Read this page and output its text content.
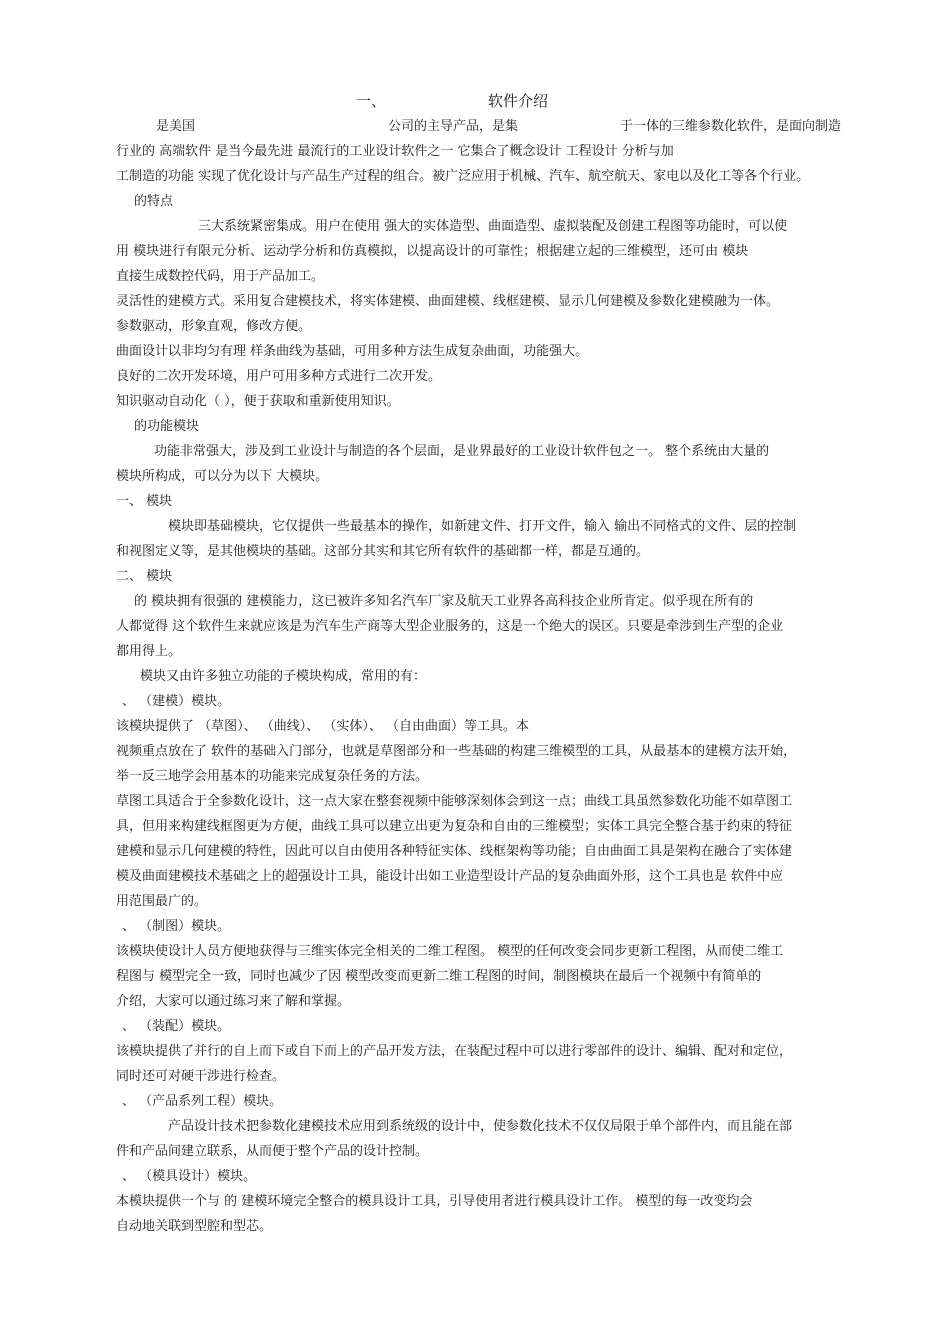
一、	软件介绍
是美国	公司的主导产品，是集	于一体的三维参数化软件，是面向制造
行业的 高端软件 是当今最先进 最流行的工业设计软件之一 它集合了概念设计 工程设计 分析与加
工制造的功能 实现了优化设计与产品生产过程的组合。被广泛应用于机械、汽车、航空航天、家电以及化工等各个行业。
的特点
三大系统紧密集成。用户在使用 强大的实体造型、曲面造型、虚拟装配及创建工程图等功能时，可以使
用 模块进行有限元分析、运动学分析和仿真模拟，以提高设计的可靠性；根据建立起的三维模型，还可由 模块
直接生成数控代码，用于产品加工。
灵活性的建模方式。采用复合建模技术，将实体建模、曲面建模、线框建模、显示几何建模及参数化建模融为一体。
参数驱动，形象直观，修改方便。
曲面设计以非均匀有理 样条曲线为基础，可用多种方法生成复杂曲面，功能强大。
良好的二次开发环境，用户可用多种方式进行二次开发。
知识驱动自动化（ ），便于获取和重新使用知识。
的功能模块
功能非常强大，涉及到工业设计与制造的各个层面，是业界最好的工业设计软件包之一。 整个系统由大量的
模块所构成，可以分为以下 大模块。
一、 模块
模块即基础模块，它仅提供一些最基本的操作，如新建文件、打开文件，输入 输出不同格式的文件、层的控制
和视图定义等，是其他模块的基础。这部分其实和其它所有软件的基础都一样，都是互通的。
二、 模块
的 模块拥有很强的 建模能力，这已被许多知名汽车厂家及航天工业界各高科技企业所肯定。似乎现在所有的
人都觉得 这个软件生来就应该是为汽车生产商等大型企业服务的，这是一个绝大的误区。只要是牵涉到生产型的企业
都用得上。
模块又由许多独立功能的子模块构成，常用的有：
、 （建模）模块。
该模块提供了 （草图）、 （曲线）、 （实体）、 （自由曲面）等工具。本
视频重点放在了 软件的基础入门部分，也就是草图部分和一些基础的构建三维模型的工具，从最基本的建模方法开始，
举一反三地学会用基本的功能来完成复杂任务的方法。
草图工具适合于全参数化设计，这一点大家在整套视频中能够深刻体会到这一点；曲线工具虽然参数化功能不如草图工
具，但用来构建线框图更为方便，曲线工具可以建立出更为复杂和自由的三维模型；实体工具完全整合基于约束的特征
建模和显示几何建模的特性，因此可以自由使用各种特征实体、线框架构等功能；自由曲面工具是架构在融合了实体建
模及曲面建模技术基础之上的超强设计工具，能设计出如工业造型设计产品的复杂曲面外形，这个工具也是 软件中应
用范围最广的。
、 （制图）模块。
该模块使设计人员方便地获得与三维实体完全相关的二维工程图。 模型的任何改变会同步更新工程图，从而使二维工
程图与 模型完全一致，同时也减少了因 模型改变而更新二维工程图的时间，制图模块在最后一个视频中有简单的
介绍，大家可以通过练习来了解和掌握。
、 （装配）模块。
该模块提供了并行的自上而下或自下而上的产品开发方法，在装配过程中可以进行零部件的设计、编辑、配对和定位，
同时还可对硬干涉进行检查。
、 （产品系列工程）模块。
产品设计技术把参数化建模技术应用到系统级的设计中，使参数化技术不仅仅局限于单个部件内，而且能在部
件和产品间建立联系，从而便于整个产品的设计控制。
、 （模具设计）模块。
本模块提供一个与 的 建模环境完全整合的模具设计工具，引导使用者进行模具设计工作。 模型的每一改变均会
自动地关联到型腔和型芯。
